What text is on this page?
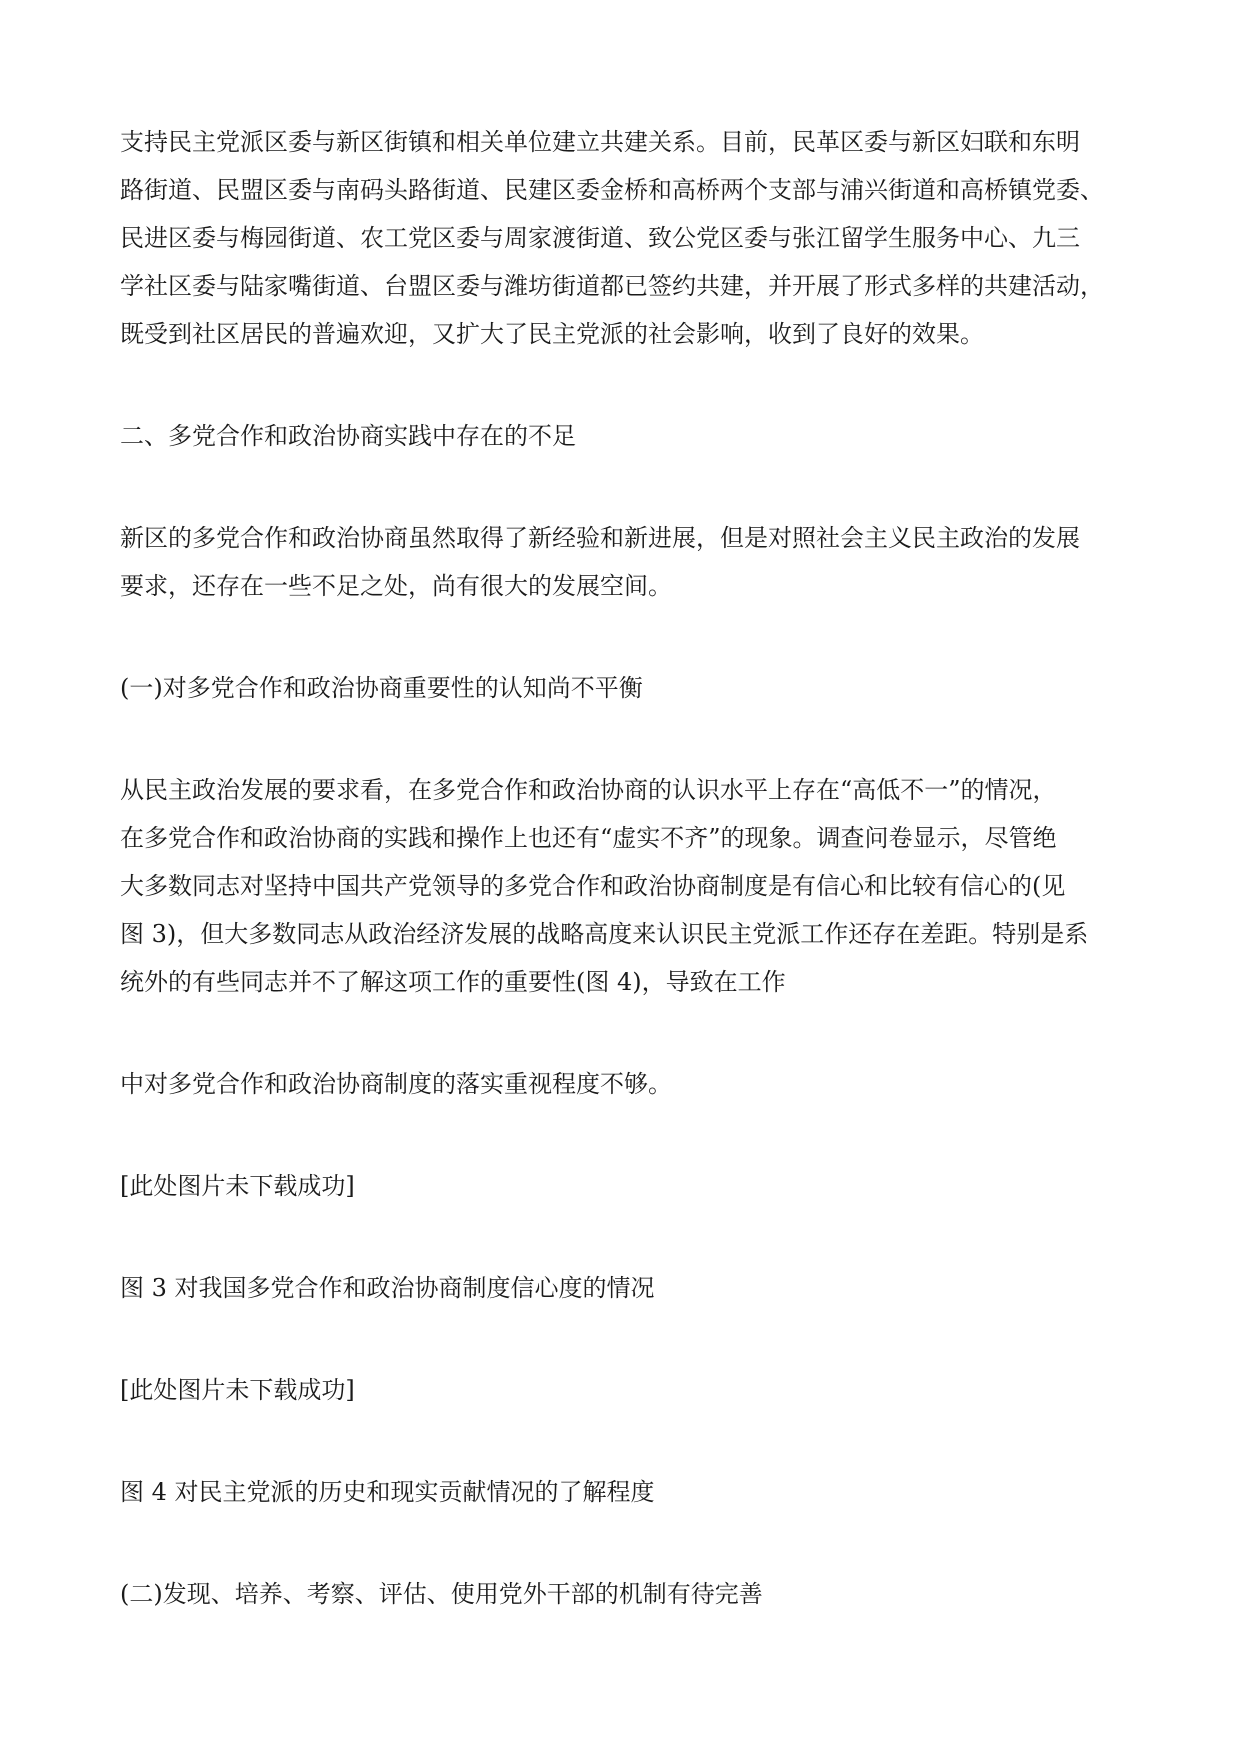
支持民主党派区委与新区街镇和相关单位建立共建关系。目前，民革区委与新区妇联和东明
路街道、民盟区委与南码头路街道、民建区委金桥和高桥两个支部与浦兴街道和高桥镇党委、
民进区委与梅园街道、农工党区委与周家渡街道、致公党区委与张江留学生服务中心、九三
学社区委与陆家嘴街道、台盟区委与潍坊街道都已签约共建，并开展了形式多样的共建活动，
既受到社区居民的普遍欢迎，又扩大了民主党派的社会影响，收到了良好的效果。
二、多党合作和政治协商实践中存在的不足
新区的多党合作和政治协商虽然取得了新经验和新进展，但是对照社会主义民主政治的发展
要求，还存在一些不足之处，尚有很大的发展空间。
(一)对多党合作和政治协商重要性的认知尚不平衡
从民主政治发展的要求看，在多党合作和政治协商的认识水平上存在“高低不一”的情况，
在多党合作和政治协商的实践和操作上也还有“虚实不齐”的现象。调查问卷显示，尽管绝
大多数同志对坚持中国共产党领导的多党合作和政治协商制度是有信心和比较有信心的(见
图 3)，但大多数同志从政治经济发展的战略高度来认识民主党派工作还存在差距。特别是系
统外的有些同志并不了解这项工作的重要性(图 4)，导致在工作
中对多党合作和政治协商制度的落实重视程度不够。
[此处图片未下载成功]
图 3 对我国多党合作和政治协商制度信心度的情况
[此处图片未下载成功]
图 4 对民主党派的历史和现实贡献情况的了解程度
(二)发现、培养、考察、评估、使用党外干部的机制有待完善
